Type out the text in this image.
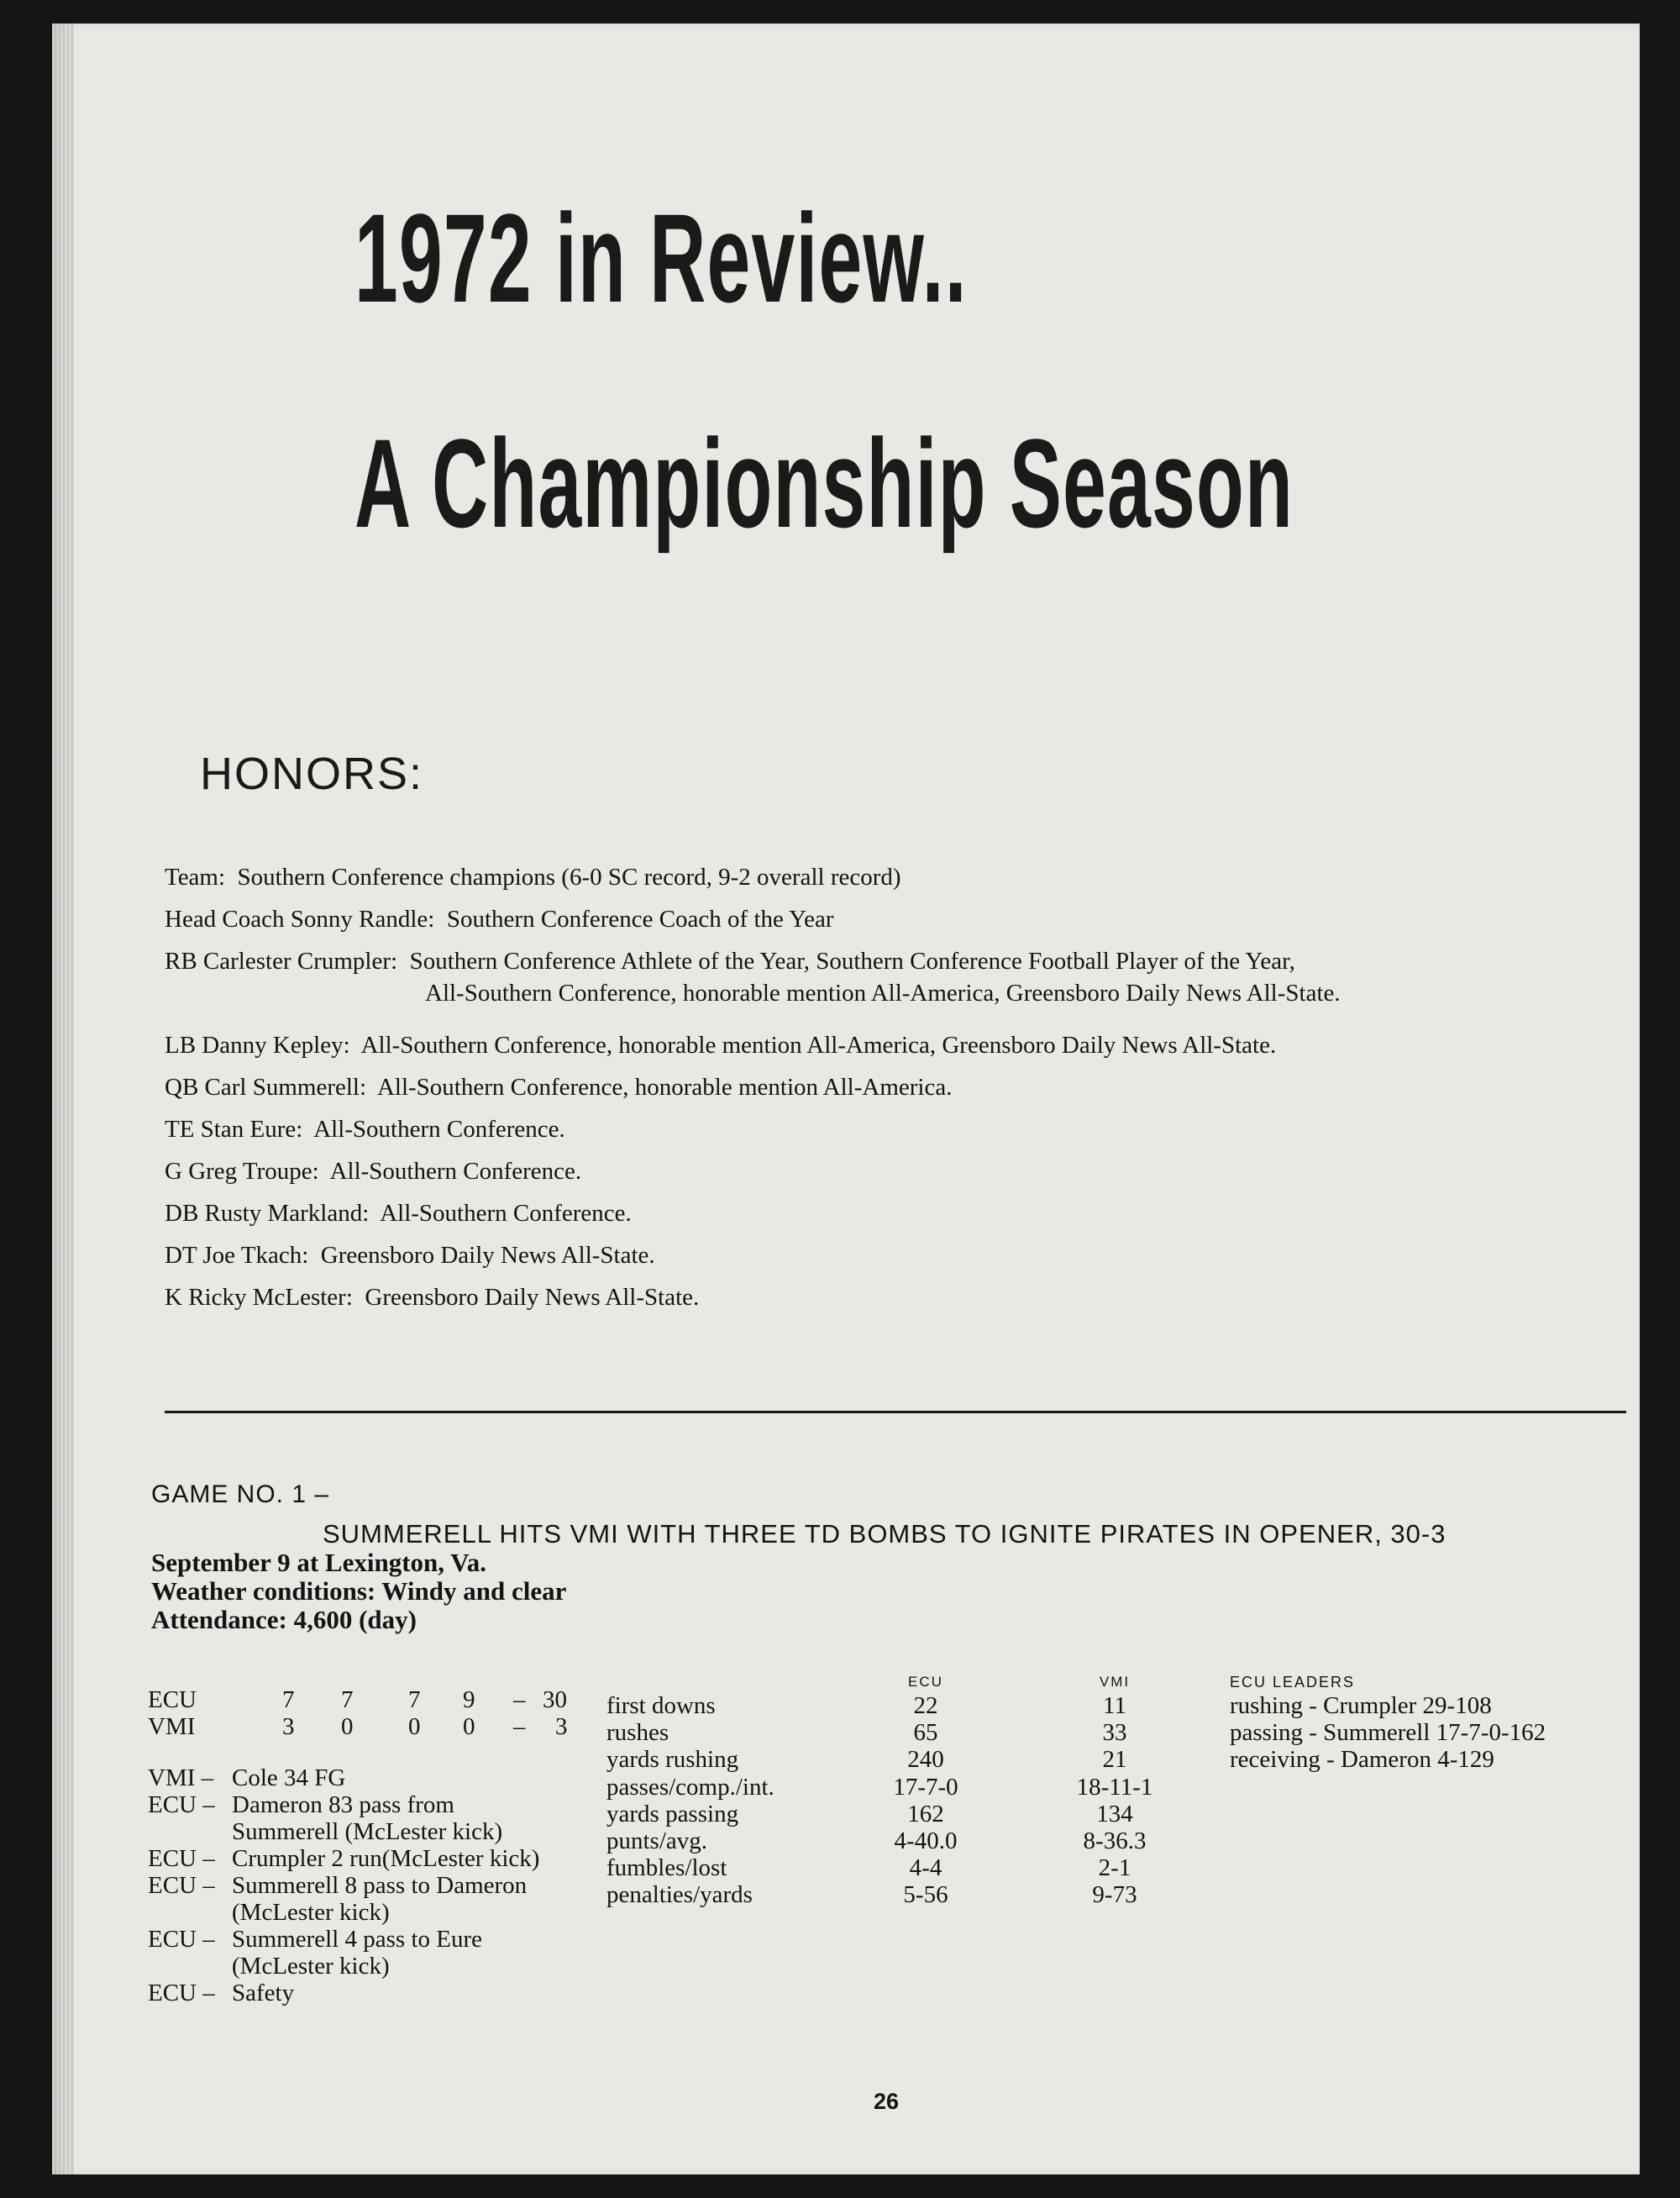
1972 in Review..
A Championship Season
HONORS:
Team: Southern Conference champions (6-0 SC record, 9-2 overall record)
Head Coach Sonny Randle: Southern Conference Coach of the Year
RB Carlester Crumpler: Southern Conference Athlete of the Year, Southern Conference Football Player of the Year,
All-Southern Conference, honorable mention All-America, Greensboro Daily News All-State.
LB Danny Kepley: All-Southern Conference, honorable mention All-America, Greensboro Daily News All-State.
QB Carl Summerell: All-Southern Conference, honorable mention All-America.
TE Stan Eure: All-Southern Conference.
G Greg Troupe: All-Southern Conference.
DB Rusty Markland: All-Southern Conference.
DT Joe Tkach: Greensboro Daily News All-State.
K Ricky McLester: Greensboro Daily News All-State.
GAME NO. 1 –
SUMMERELL HITS VMI WITH THREE TD BOMBS TO IGNITE PIRATES IN OPENER, 30-3
September 9 at Lexington, Va.
Weather conditions: Windy and clear
Attendance: 4,600 (day)
ECU	7 7 7 9 – 30
VMI	3 0 0 0 – 3
VMI – Cole 34 FG
ECU – Dameron 83 pass from
Summerell (McLester kick)
ECU – Crumpler 2 run(McLester kick)
ECU – Summerell 8 pass to Dameron
(McLester kick)
ECU – Summerell 4 pass to Eure
(McLester kick)
ECU – Safety
ECU	VMI
first downs	22	11
rushes	65	33
yards rushing	240	21
passes/comp./int.	17-7-0	18-11-1
yards passing	162	134
punts/avg.	4-40.0	8-36.3
fumbles/lost	4-4	2-1
penalties/yards	5-56	9-73
ECU LEADERS
rushing - Crumpler 29-108
passing - Summerell 17-7-0-162
receiving - Dameron 4-129
26
